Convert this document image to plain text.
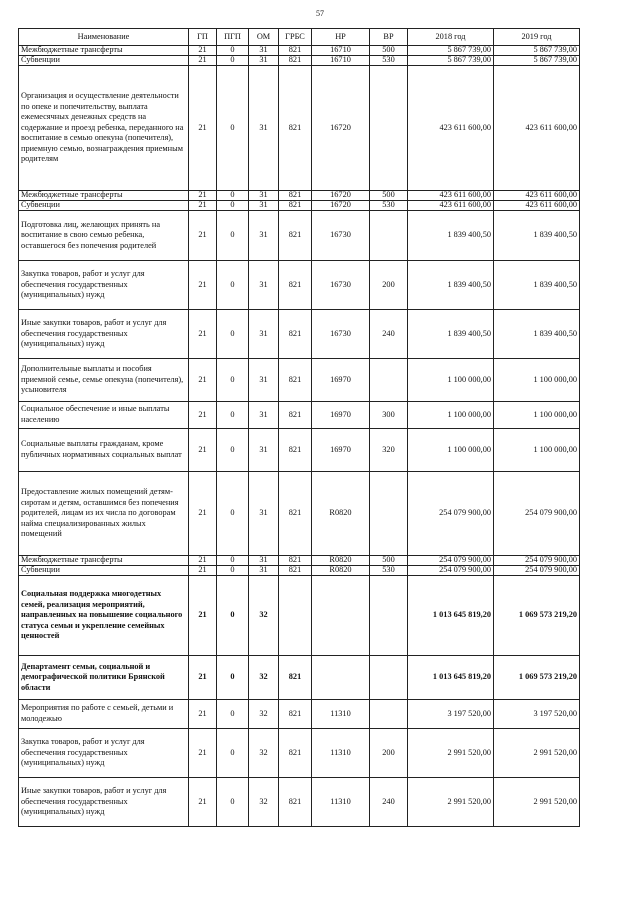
57
Наименование	ГП	ПГП	ОМ	ГРБС	НР	ВР	2018 год	2019 год
Межбюджетные трансферты	21	0	31	821	16710	500	5 867 739,00	5 867 739,00
Субвенции	21	0	31	821	16710	530	5 867 739,00	5 867 739,00
Организация и осуществление деятельности по опеке и попечительству, выплата ежемесячных денежных средств на содержание и проезд ребенка, переданного на воспитание в семью опекуна (попечителя), приемную семью, вознаграждения приемным родителям	21	0	31	821	16720		423 611 600,00	423 611 600,00
Межбюджетные трансферты	21	0	31	821	16720	500	423 611 600,00	423 611 600,00
Субвенции	21	0	31	821	16720	530	423 611 600,00	423 611 600,00
Подготовка лиц, желающих принять на воспитание в свою семью ребенка, оставшегося без попечения родителей	21	0	31	821	16730		1 839 400,50	1 839 400,50
Закупка товаров, работ и услуг для обеспечения государственных (муниципальных) нужд	21	0	31	821	16730	200	1 839 400,50	1 839 400,50
Иные закупки товаров, работ и услуг для обеспечения государственных (муниципальных) нужд	21	0	31	821	16730	240	1 839 400,50	1 839 400,50
Дополнительные выплаты и пособия приемной семье, семье опекуна (попечителя), усыновителя	21	0	31	821	16970		1 100 000,00	1 100 000,00
Социальное обеспечение и иные выплаты населению	21	0	31	821	16970	300	1 100 000,00	1 100 000,00
Социальные выплаты гражданам, кроме публичных нормативных социальных выплат	21	0	31	821	16970	320	1 100 000,00	1 100 000,00
Предоставление жилых помещений детям-сиротам и детям, оставшимся без попечения родителей, лицам из их числа по договорам найма специализированных жилых помещений	21	0	31	821	R0820		254 079 900,00	254 079 900,00
Межбюджетные трансферты	21	0	31	821	R0820	500	254 079 900,00	254 079 900,00
Субвенции	21	0	31	821	R0820	530	254 079 900,00	254 079 900,00
Социальная поддержка многодетных семей, реализация мероприятий, направленных на повышение социального статуса семьи и укрепление семейных ценностей	21	0	32				1 013 645 819,20	1 069 573 219,20
Департамент семьи, социальной и демографической политики Брянской области	21	0	32	821			1 013 645 819,20	1 069 573 219,20
Мероприятия по работе с семьей, детьми и молодежью	21	0	32	821	11310		3 197 520,00	3 197 520,00
Закупка товаров, работ и услуг для обеспечения государственных (муниципальных) нужд	21	0	32	821	11310	200	2 991 520,00	2 991 520,00
Иные закупки товаров, работ и услуг для обеспечения государственных (муниципальных) нужд	21	0	32	821	11310	240	2 991 520,00	2 991 520,00
